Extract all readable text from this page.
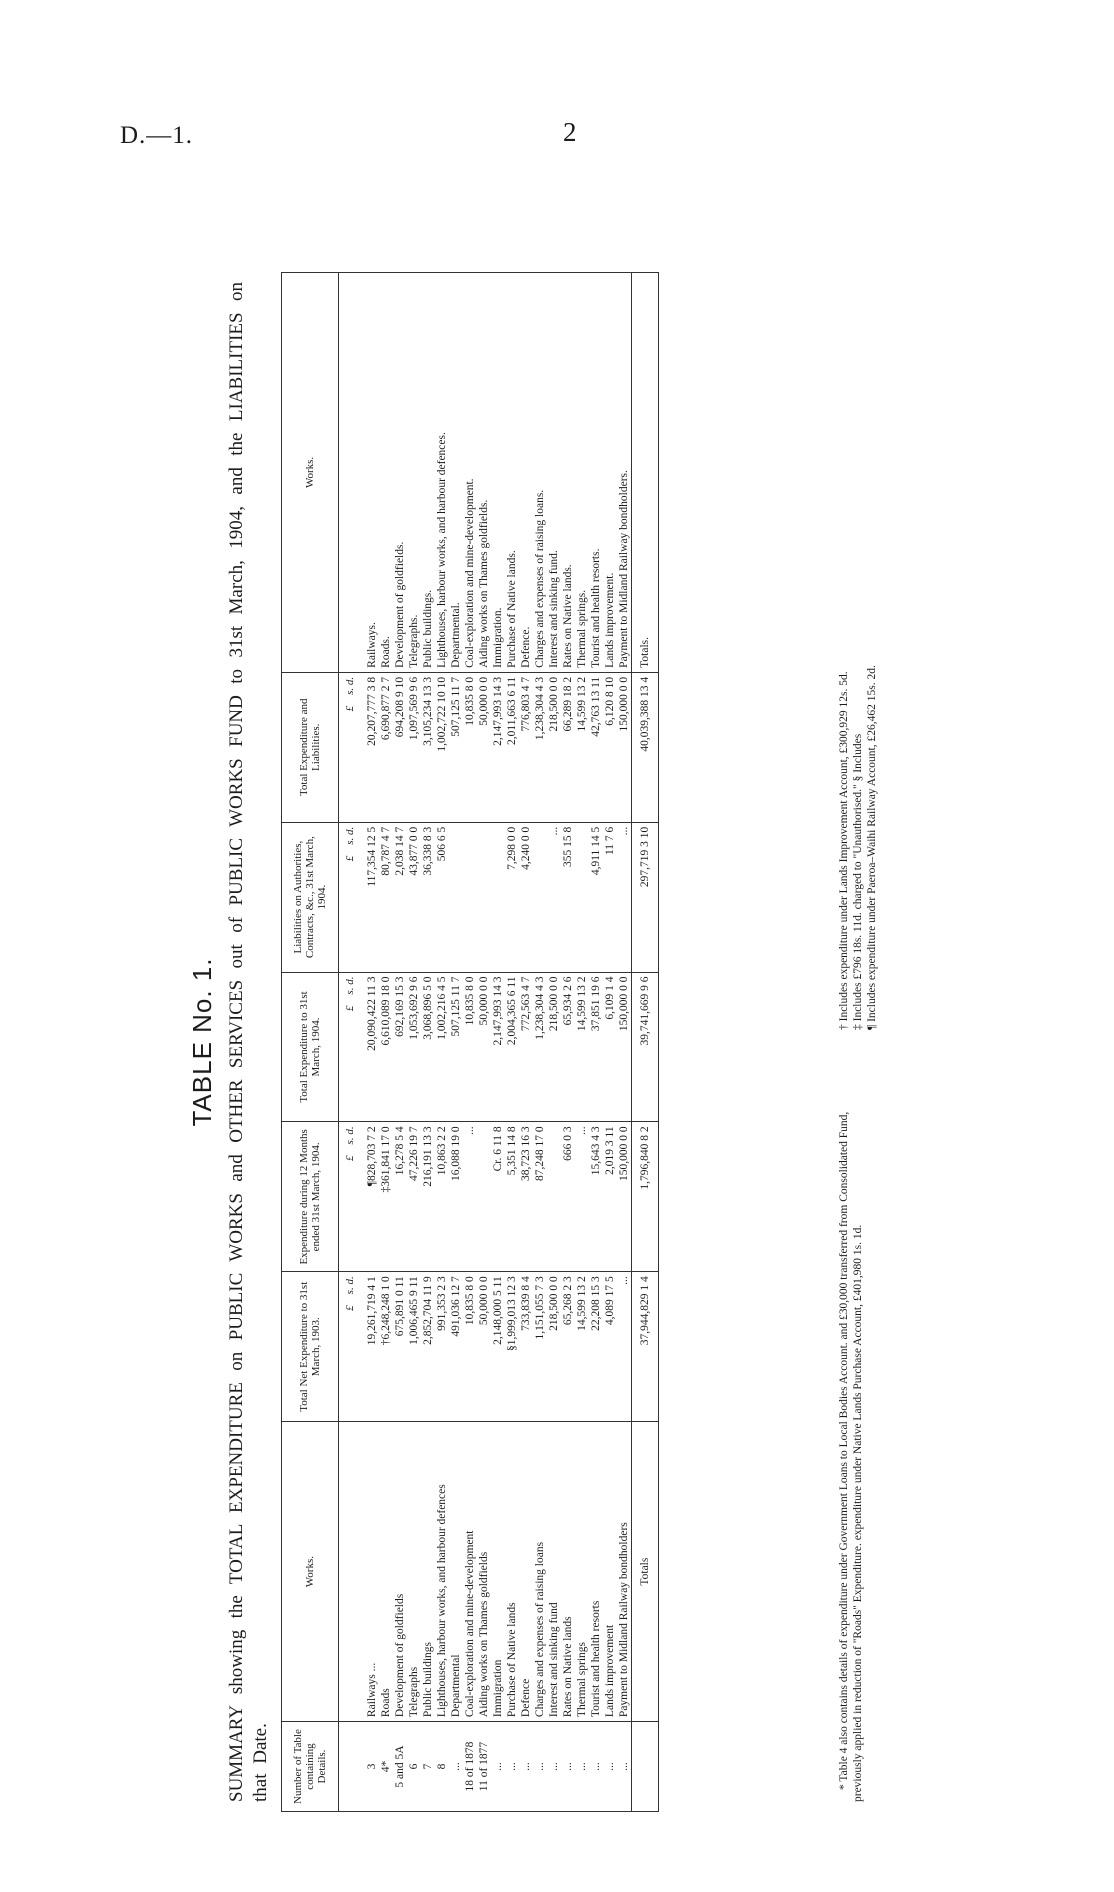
D.—1.	2
TABLE No. 1. SUMMARY showing the TOTAL EXPENDITURE on PUBLIC WORKS and OTHER SERVICES out of PUBLIC WORKS FUND to 31st March, 1904, and the LIABILITIES on that Date. Number of Table containing Details.	Works.	Total Net Expenditure to 31st March, 1903.	Expenditure during 12 Months ended 31st March, 1904.	Total Expenditure to 31st March, 1904.	Liabilities on Authorities, Contracts, &c., 31st March, 1904.	Total Expenditure and Liabilities.	Works.
		£    s. d.	£    s. d.	£    s. d.	£    s. d.	£    s. d.	
3	Railways ...	19,261,719 4 1	¶828,703 7 2	20,090,422 11 3	117,354 12 5	20,207,777 3 8	Railways.
4*	Roads	†6,248,248 1 0	‡361,841 17 0	6,610,089 18 0	80,787 4 7	6,690,877 2 7	Roads.
5 and 5A	Development of goldfields	675,891 0 11	16,278 5 4	692,169 15 3	2,038 14 7	694,208 9 10	Development of goldfields.
6	Telegraphs	1,006,465 9 11	47,226 19 7	1,053,692 9 6	43,877 0 0	1,097,569 9 6	Telegraphs.
7	Public buildings	2,852,704 11 9	216,191 13 3	3,068,896 5 0	36,338 8 3	3,105,234 13 3	Public buildings.
8	Lighthouses, harbour works, and harbour defences	991,353 2 3	10,863 2 2	1,002,216 4 5	506 6 5	1,002,722 10 10	Lighthouses, harbour works, and harbour defences.
...	Departmental	491,036 12 7	16,088 19 0	507,125 11 7		507,125 11 7	Departmental.
18 of 1878	Coal-exploration and mine-development	10,835 8 0	...	10,835 8 0		10,835 8 0	Coal-exploration and mine-development.
11 of 1877	Aiding works on Thames goldfields	50,000 0 0		50,000 0 0		50,000 0 0	Aiding works on Thames goldfields.
...	Immigration	2,148,000 5 11	Cr. 6 11 8	2,147,993 14 3		2,147,993 14 3	Immigration.
...	Purchase of Native lands	§1,999,013 12 3	5,351 14 8	2,004,365 6 11	7,298 0 0	2,011,663 6 11	Purchase of Native lands.
...	Defence	733,839 8 4	38,723 16 3	772,563 4 7	4,240 0 0	776,803 4 7	Defence.
...	Charges and expenses of raising loans	1,151,055 7 3	87,248 17 0	1,238,304 4 3		1,238,304 4 3	Charges and expenses of raising loans.
...	Interest and sinking fund	218,500 0 0		218,500 0 0	...	218,500 0 0	Interest and sinking fund.
...	Rates on Native lands	65,268 2 3	666 0 3	65,934 2 6	355 15 8	66,289 18 2	Rates on Native lands.
...	Thermal springs	14,599 13 2	...	14,599 13 2		14,599 13 2	Thermal springs.
...	Tourist and health resorts	22,208 15 3	15,643 4 3	37,851 19 6	4,911 14 5	42,763 13 11	Tourist and health resorts.
...	Lands improvement	4,089 17 5	2,019 3 11	6,109 1 4	11 7 6	6,120 8 10	Lands improvement.
...	Payment to Midland Railway bondholders	...	150,000 0 0	150,000 0 0	...	150,000 0 0	Payment to Midland Railway bondholders.
	Totals	37,944,829 1 4	1,796,840 8 2	39,741,669 9 6	297,719 3 10	40,039,388 13 4	Totals.

* Table 4 also contains details of expenditure under Government Loans to Local Bodies Account. and £30,000 transferred from Consolidated Fund, previously applied in reduction of "Roads" Expenditure. expenditure under Native Lands Purchase Account, £401,980 1s. 1d.

† Includes expenditure under Lands Improvement Account, £300,929 12s. 5d. ‡ Includes £796 18s. 11d. charged to "Unauthorised." § Includes ¶ Includes expenditure under Paeroa–Waihi Railway Account, £26,462 15s. 2d.
